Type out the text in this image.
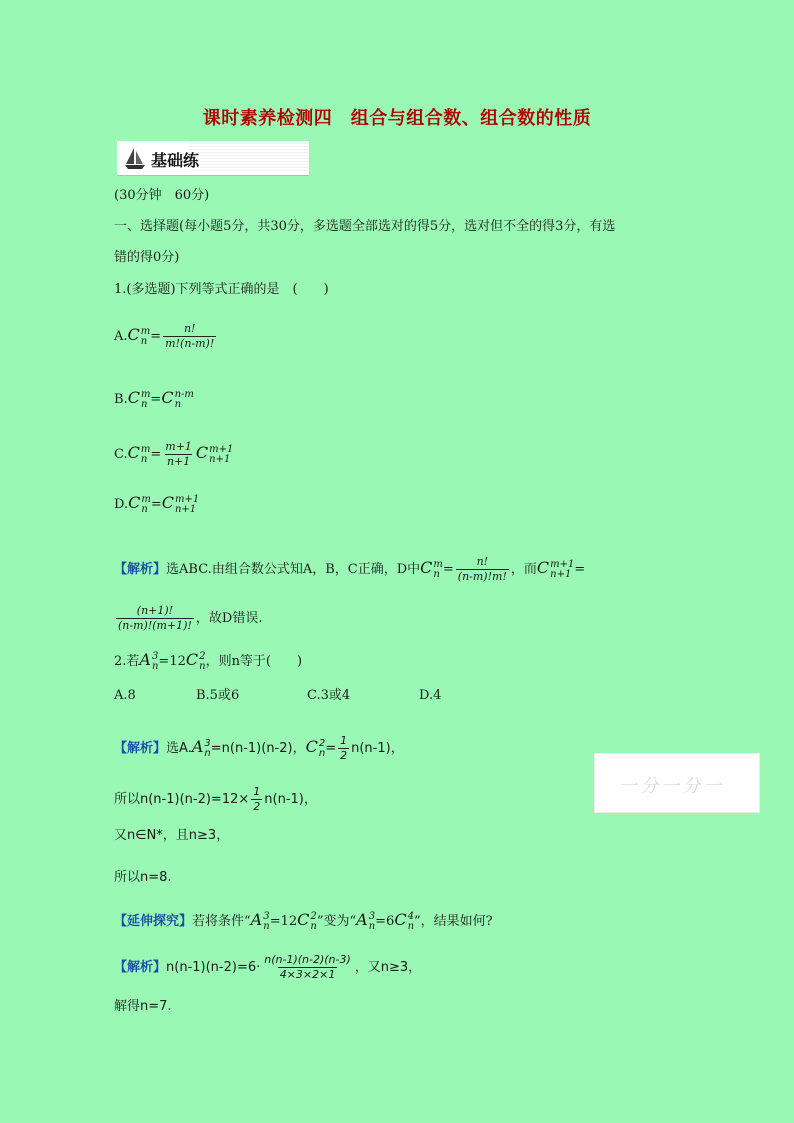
课时素养检测四　组合与组合数、组合数的性质
基础练
(30分钟　60分)
一、选择题(每小题5分，共30分，多选题全部选对的得5分，选对但不全的得3分，有选
错的得0分)
1.(多选题)下列等式正确的是　(　　)
A.C m
$n = \frac{n!}{m!(n-m)!}$
B.C m
n =C n-m
n
C.C m
$n = \frac{m+1}{n+1}$ C m+1
n+1
D.C m
n =C m+1
n+1
【解析】选ABC.由组合数公式知A，B，C正确，D中C m
$n = \frac{n!}{(n-m)!m!}$ ，而C m+1
n+1 =
$\frac{(n+1)!}{(n-m)!(m+1)!}$ ，故D错误.
2.若A 3
n =12C 2
n ，则n等于(　　)
A.8	B.5或6	C.3或4	D.4
【解析】选A.A 3
n =n(n-1)(n-2)，C 2
$n = \frac{1}{2} n(n-1)$，
一分一分一
所以$n(n-1)(n-2)=12\times \frac{1}{2} n(n-1)$，
又n∈N*，且n≥3，
所以n=8.
【延伸探究】若将条件“A 3
n =12C 2
n ”变为“A 3
n =6C 4
n ”，结果如何?
【解析】$n(n-1)(n-2)=6\cdot \frac{n(n-1)(n-2)(n-3)}{4\times 3\times 2\times 1}$ ，又n≥3，
解得n=7.
